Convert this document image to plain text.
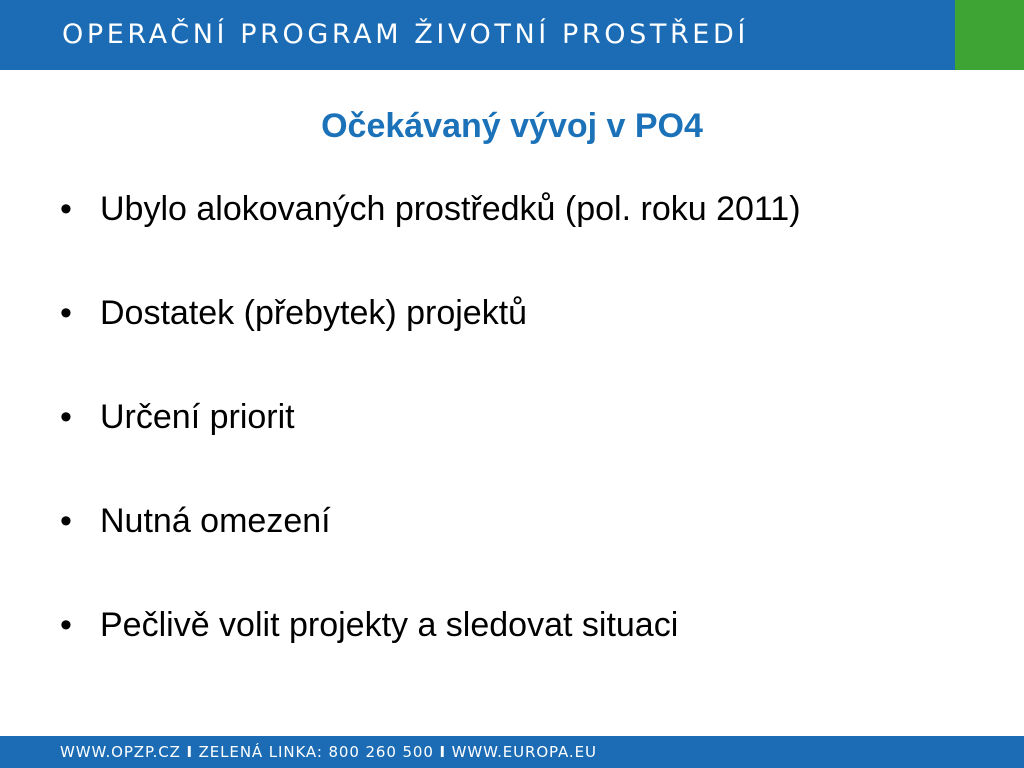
OPERAČNÍ PROGRAM ŽIVOTNÍ PROSTŘEDÍ
Očekávaný vývoj v PO4
• Ubylo alokovaných prostředků (pol. roku 2011)
• Dostatek (přebytek) projektů
• Určení priorit
• Nutná omezení
• Pečlivě volit projekty a sledovat situaci
WWW.OPZP.CZ I ZELENÁ LINKA: 800 260 500 I WWW.EUROPA.EU
